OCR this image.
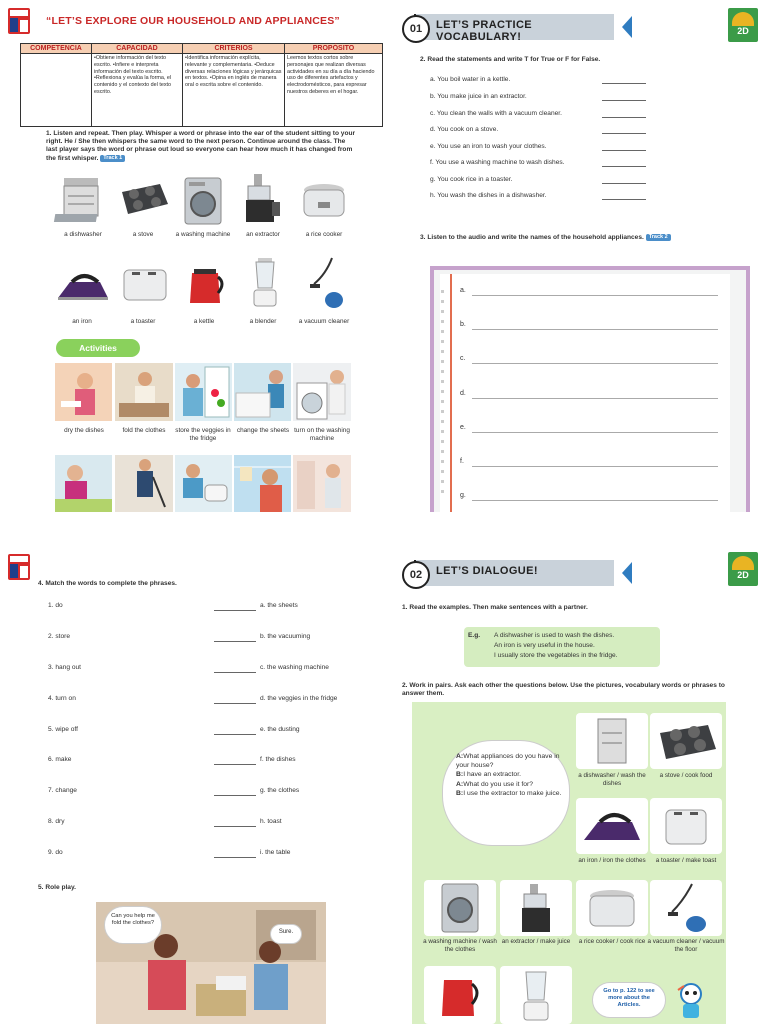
“LET’S EXPLORE OUR HOUSEHOLD AND APPLIANCES”
COMPETENCIA	CAPACIDAD	CRITERIOS	PROPÓSITO
	•Obtiene información del texto escrito. •Infiere e interpreta información del texto escrito. •Reflexiona y evalúa la forma, el contenido y el contexto del texto escrito.	•Identifica información explícita, relevante y complementaria. •Deduce diversas relaciones lógicas y jerárquicas en textos. •Opina en inglés de manera oral o escrita sobre el contenido.	Leemos textos cortos sobre personajes que realizan diversas actividades en su día a día haciendo uso de diferentes artefactos y electrodomésticos, para expresar nuestros deberes en el hogar.
1. Listen and repeat. Then play. Whisper a word or phrase into the ear of the student sitting to your right. He / She then whispers the same word to the next person. Continue around the class. The last player says the word or phrase out loud so everyone can hear how much it has changed from the first whisper. Track 1
a dishwasher	a stove	a washing machine	an extractor	a rice cooker
an iron	a toaster	a kettle	a blender	a vacuum cleaner
Activities
dry the dishes	fold the clothes	store the veggies in the fridge
change the sheets turn on the washing machine
01	LET’S PRACTICE VOCABULARY!	2D
2. Read the statements and write T for True or F for False.
a. You boil water in a kettle.
b. You make juice in an extractor.
c. You clean the walls with a vacuum cleaner.
d. You cook on a stove.
e. You use an iron to wash your clothes.
f. You use a washing machine to wash dishes.
g. You cook rice in a toaster.
h. You wash the dishes in a dishwasher.
3. Listen to the audio and write the names of the household appliances. Track 2
a.
b.
c.
d.
e.
f.
g.
4. Match the words to complete the phrases.
1. do	a. the sheets
2. store	b. the vacuuming
3. hang out	c. the washing machine
4. turn on	d. the veggies in the fridge
5. wipe off	e. the dusting
6. make	f. the dishes
7. change	g. the clothes
8. dry	h. toast
9. do	i. the table
5. Role play.
Can you help me fold the clothes?
Sure.
02	LET’S DIALOGUE!	2D
1. Read the examples. Then make sentences with a partner.
2. Work in pairs. Ask each other the questions below. Use the pictures, vocabulary words or phrases to answer them.
E.g. A dishwasher is used to wash the dishes.
An iron is very useful in the house.
I usually store the vegetables in the fridge.
A:What appliances do you have in your house?
B:I have an extractor.
A:What do you use it for?
B:I use the extractor to make juice.
a dishwasher / wash the dishes
a stove / cook food
an iron / iron the clothes	a toaster / make toast
a washing machine / wash the clothes
an extractor / make juice	a rice cooker / cook rice a vacuum cleaner / vacuum the floor
Go to p. 122 to see more about the Articles.
